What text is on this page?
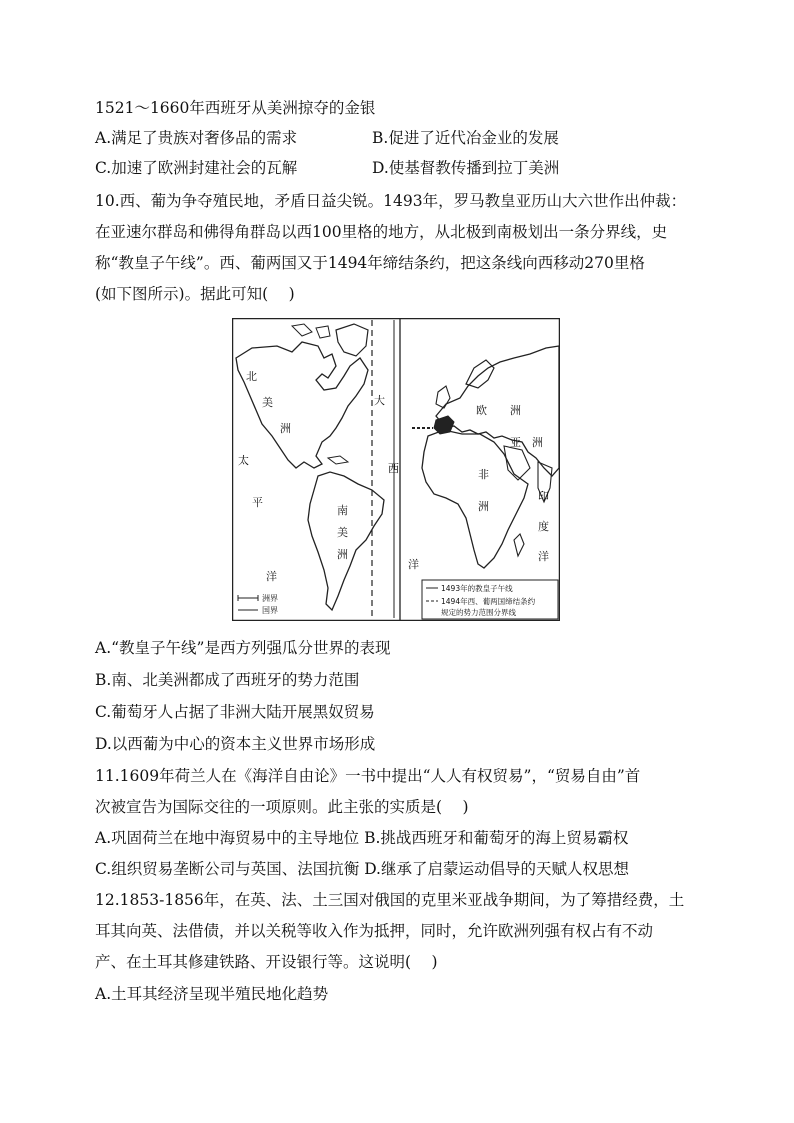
1521～1660年西班牙从美洲掠夺的金银
A.满足了贵族对奢侈品的需求	B.促进了近代冶金业的发展
C.加速了欧洲封建社会的瓦解	D.使基督教传播到拉丁美洲
10.西、葡为争夺殖民地，矛盾日益尖锐。1493年，罗马教皇亚历山大六世作出仲裁：
在亚速尔群岛和佛得角群岛以西100里格的地方，从北极到南极划出一条分界线，史
称“教皇子午线”。西、葡两国又于1494年缔结条约，把这条线向西移动270里格
(如下图所示)。据此可知(　 )
北
美
洲
南
美
洲
欧 洲
亚 洲
非
洲
太
平
洋
大
西
洋
印
度
洋
洲界
国界
1493年的教皇子午线
1494年西、葡两国缔结条约
规定的势力范围分界线
A.“教皇子午线”是西方列强瓜分世界的表现
B.南、北美洲都成了西班牙的势力范围
C.葡萄牙人占据了非洲大陆开展黑奴贸易
D.以西葡为中心的资本主义世界市场形成
11.1609年荷兰人在《海洋自由论》一书中提出“人人有权贸易”，“贸易自由”首
次被宣告为国际交往的一项原则。此主张的实质是(　 )
A.巩固荷兰在地中海贸易中的主导地位 B.挑战西班牙和葡萄牙的海上贸易霸权
C.组织贸易垄断公司与英国、法国抗衡 D.继承了启蒙运动倡导的天赋人权思想
12.1853-1856年，在英、法、土三国对俄国的克里米亚战争期间，为了筹措经费，土
耳其向英、法借债，并以关税等收入作为抵押，同时，允许欧洲列强有权占有不动
产、在土耳其修建铁路、开设银行等。这说明(　 )
A.土耳其经济呈现半殖民地化趋势
